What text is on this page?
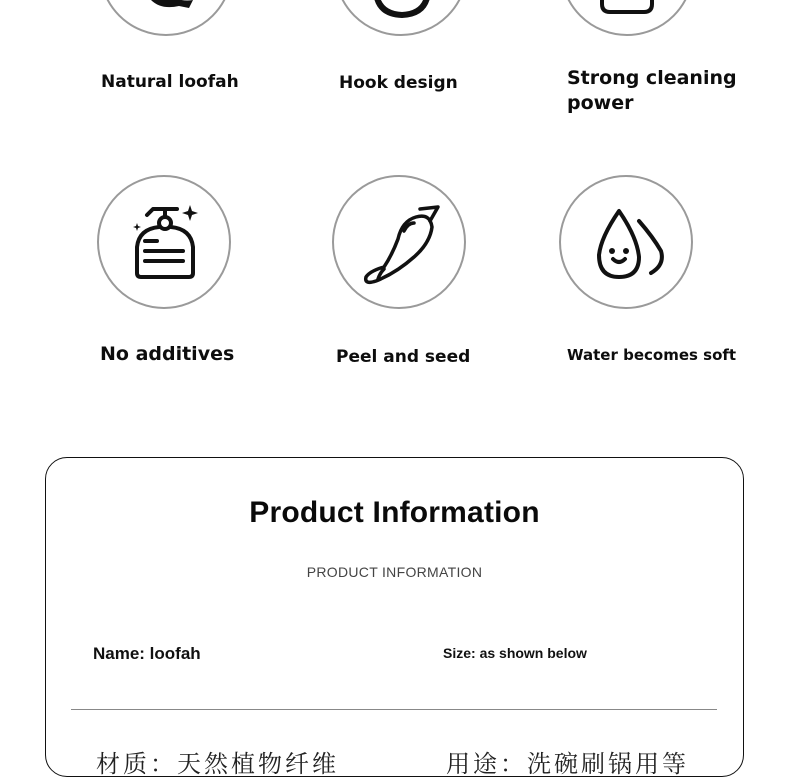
Natural loofah	Hook design	Strong cleaning
power
No additives	Peel and seed	Water becomes soft
Product Information
PRODUCT INFORMATION
Name: loofah	Size: as shown below
材质：天然植物纤维	用途：洗碗刷锅用等
